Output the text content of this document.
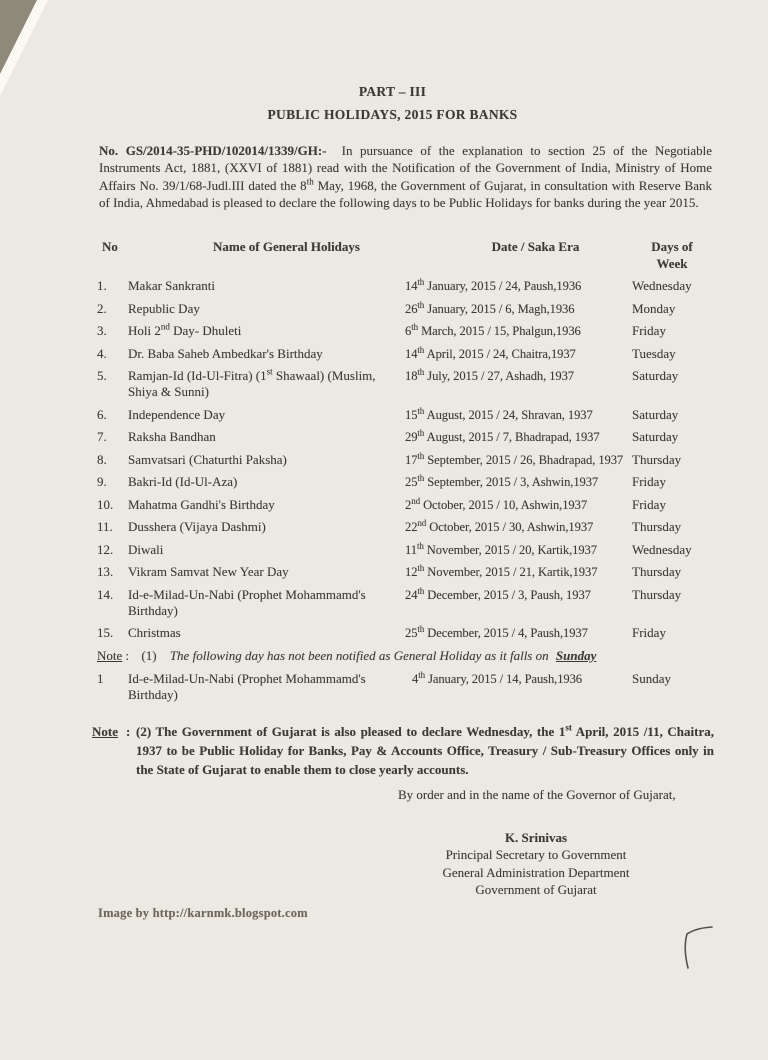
PART – III
PUBLIC HOLIDAYS, 2015 FOR BANKS
No. GS/2014-35-PHD/102014/1339/GH:- In pursuance of the explanation to section 25 of the Negotiable Instruments Act, 1881, (XXVI of 1881) read with the Notification of the Government of India, Ministry of Home Affairs No. 39/1/68-Judl.III dated the 8th May, 1968, the Government of Gujarat, in consultation with Reserve Bank of India, Ahmedabad is pleased to declare the following days to be Public Holidays for banks during the year 2015.
No	Name of General Holidays	Date / Saka Era	Days of
Week
1.	Makar Sankranti	14th January, 2015 / 24, Paush,1936	Wednesday
2.	Republic Day	26th January, 2015 / 6, Magh,1936	Monday
3.	Holi 2nd Day- Dhuleti	6th March, 2015 / 15, Phalgun,1936	Friday
4.	Dr. Baba Saheb Ambedkar's Birthday	14th April, 2015 / 24, Chaitra,1937	Tuesday
5.	Ramjan-Id (Id-Ul-Fitra) (1st Shawaal) (Muslim, Shiya & Sunni)
18th July, 2015 / 27, Ashadh, 1937	Saturday
6.	Independence Day	15th August, 2015 / 24, Shravan, 1937	Saturday
7.	Raksha Bandhan	29th August, 2015 / 7, Bhadrapad, 1937	Saturday
8.	Samvatsari (Chaturthi Paksha)	17th September, 2015 / 26, Bhadrapad, 1937 Thursday
9.	Bakri-Id (Id-Ul-Aza)	25th September, 2015 / 3, Ashwin,1937	Friday
10.	Mahatma Gandhi's Birthday	2nd October, 2015 / 10, Ashwin,1937	Friday
11.	Dusshera (Vijaya Dashmi)	22nd October, 2015 / 30, Ashwin,1937	Thursday
12.	Diwali	11th November, 2015 / 20, Kartik,1937	Wednesday
13.	Vikram Samvat New Year Day	12th November, 2015 / 21, Kartik,1937	Thursday
14.	Id-e-Milad-Un-Nabi (Prophet Mohammamd's Birthday)
24th December, 2015 / 3, Paush, 1937	Thursday
15.	Christmas	25th December, 2015 / 4, Paush,1937	Friday
Note : (1) The following day has not been notified as General Holiday as it falls on Sunday
1	Id-e-Milad-Un-Nabi (Prophet Mohammamd's Birthday)
4th January, 2015 / 14, Paush,1936	Sunday
Note : (2) The Government of Gujarat is also pleased to declare Wednesday, the 1st April, 2015 /11, Chaitra, 1937 to be Public Holiday for Banks, Pay & Accounts Office, Treasury / Sub-Treasury Offices only in the State of Gujarat to enable them to close yearly accounts.
By order and in the name of the Governor of Gujarat,
K. Srinivas
Principal Secretary to Government
General Administration Department
Government of Gujarat
Image by http://karnmk.blogspot.com
